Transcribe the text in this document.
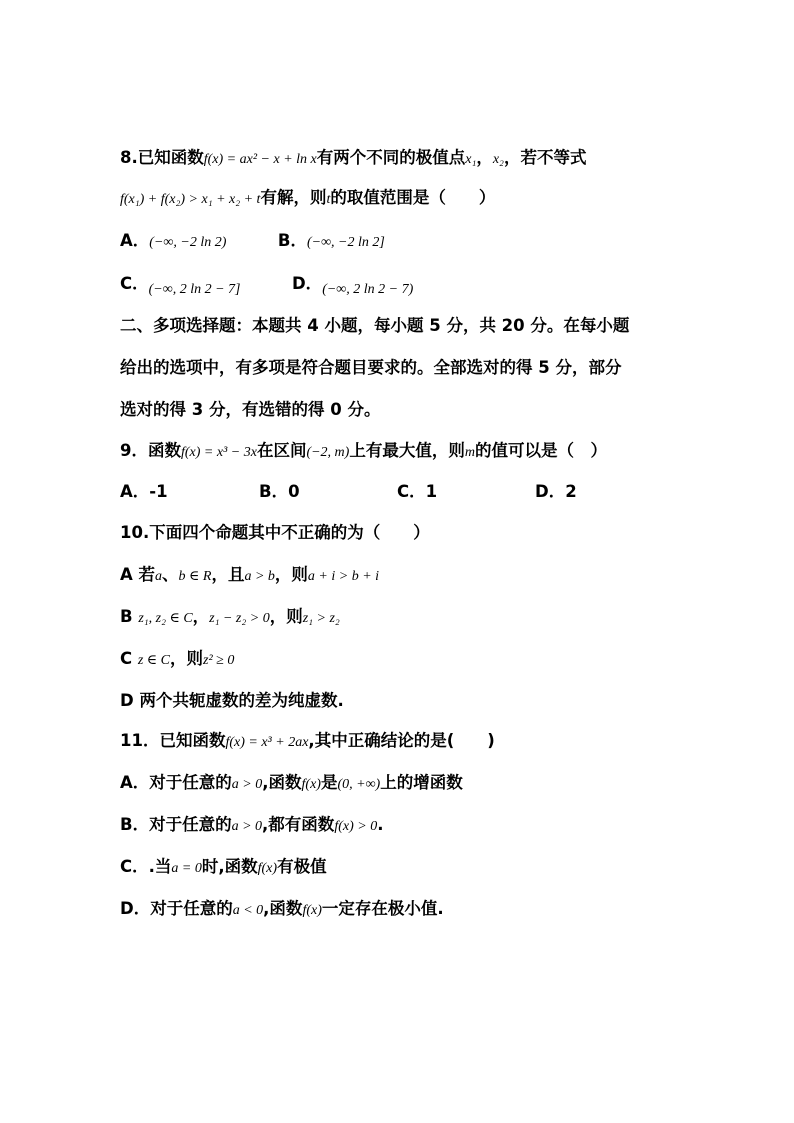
8.已知函数f(x) = ax² − x + ln x有两个不同的极值点x₁，x₂，若不等式
f(x₁) + f(x₂) > x₁ + x₂ + t有解，则t的取值范围是（　　）
A．(−∞, −2 ln 2)	B．(−∞, −2 ln 2]
C．$_{(-\infty, 2 ln 2 - 7]}$	D．$_{(-\infty, 2 ln 2 - 7)}$
二、多项选择题：本题共 4 小题，每小题 5 分，共 20 分。在每小题
给出的选项中，有多项是符合题目要求的。全部选对的得 5 分，部分
选对的得 3 分，有选错的得 0 分。
9．函数f(x) = x³ − 3x在区间(−2, m)上有最大值，则m的值可以是（　）
A．-1	B．0	C．1	D．2
10.下面四个命题其中不正确的为（　　）
A 若a、b ∈ R，且a > b，则a + i > b + i
B z₁, z₂ ∈ C，z₁ − z₂ > 0，则z₁ > z₂
C z ∈ C，则z² ≥ 0
D 两个共轭虚数的差为纯虚数.
11．已知函数f(x) = x³ + 2ax,其中正确结论的是(　　)
A．对于任意的a > 0,函数f(x)是(0, +∞)上的增函数
B．对于任意的a > 0,都有函数f(x) > 0.
C．.当a = 0时,函数f(x)有极值
D．对于任意的a < 0,函数f(x)一定存在极小值.
